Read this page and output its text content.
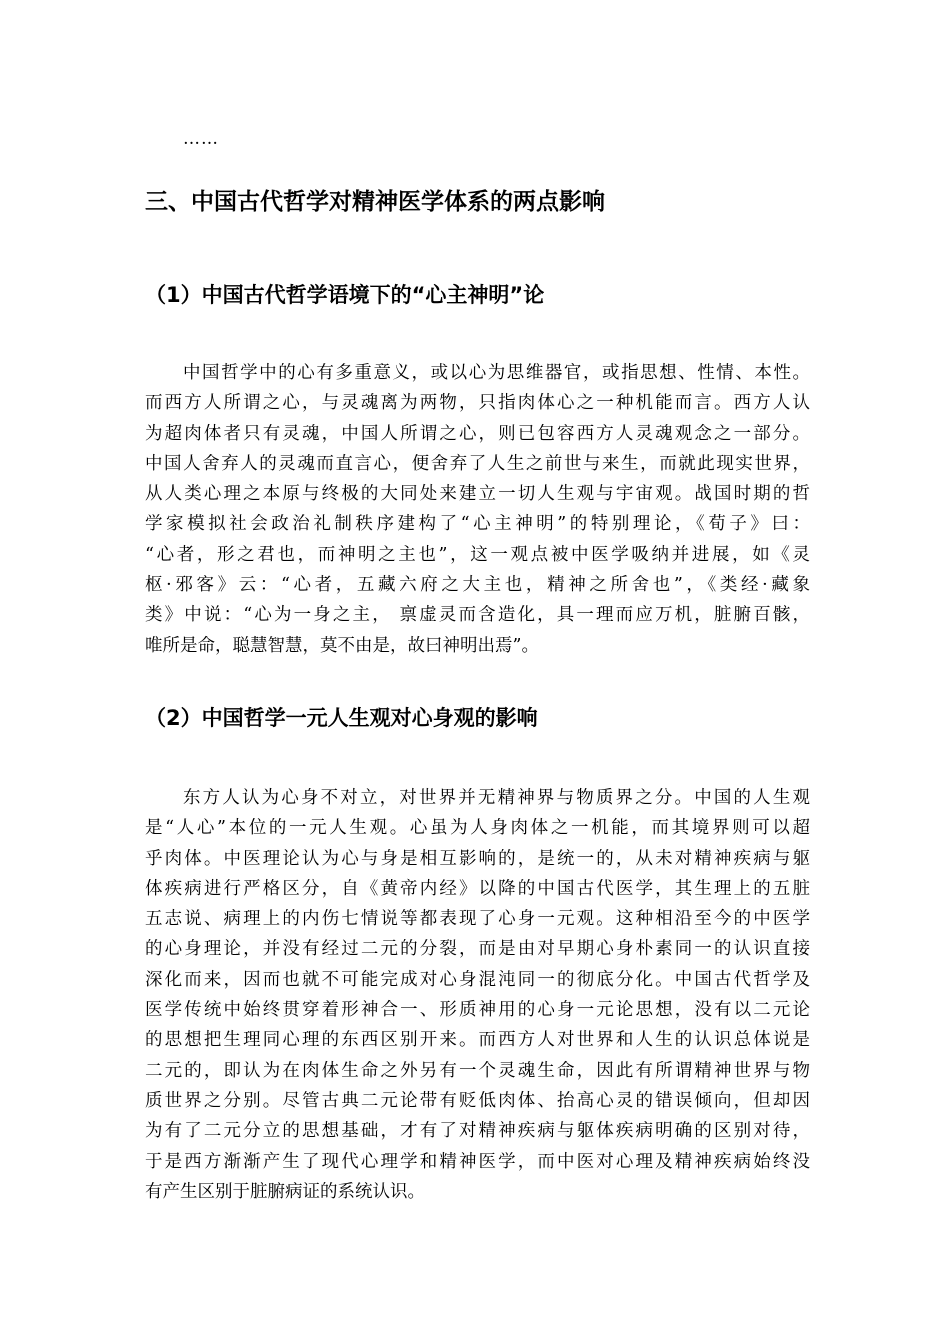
……
三、中国古代哲学对精神医学体系的两点影响
（1）中国古代哲学语境下的“心主神明”论
中国哲学中的心有多重意义，或以心为思维器官，或指思想、性情、本性。
而西方人所谓之心，与灵魂离为两物，只指肉体心之一种机能而言。西方人认
为超肉体者只有灵魂，中国人所谓之心，则已包容西方人灵魂观念之一部分。
中国人舍弃人的灵魂而直言心，便舍弃了人生之前世与来生，而就此现实世界，
从人类心理之本原与终极的大同处来建立一切人生观与宇宙观。战国时期的哲
学家模拟社会政治礼制秩序建构了“心主神明”的特别理论，《荀子》曰：
“心者，形之君也，而神明之主也”，这一观点被中医学吸纳并进展，如《灵
枢·邪客》云：“心者，五藏六府之大主也，精神之所舍也”，《类经·藏象
类》中说：“心为一身之主， 禀虚灵而含造化，具一理而应万机，脏腑百骸，
唯所是命，聪慧智慧，莫不由是，故曰神明出焉”。
（2）中国哲学一元人生观对心身观的影响
东方人认为心身不对立，对世界并无精神界与物质界之分。中国的人生观
是“人心”本位的一元人生观。心虽为人身肉体之一机能，而其境界则可以超
乎肉体。中医理论认为心与身是相互影响的，是统一的，从未对精神疾病与躯
体疾病进行严格区分，自《黄帝内经》以降的中国古代医学，其生理上的五脏
五志说、病理上的内伤七情说等都表现了心身一元观。这种相沿至今的中医学
的心身理论，并没有经过二元的分裂，而是由对早期心身朴素同一的认识直接
深化而来，因而也就不可能完成对心身混沌同一的彻底分化。中国古代哲学及
医学传统中始终贯穿着形神合一、形质神用的心身一元论思想，没有以二元论
的思想把生理同心理的东西区别开来。而西方人对世界和人生的认识总体说是
二元的，即认为在肉体生命之外另有一个灵魂生命，因此有所谓精神世界与物
质世界之分别。尽管古典二元论带有贬低肉体、抬高心灵的错误倾向，但却因
为有了二元分立的思想基础，才有了对精神疾病与躯体疾病明确的区别对待，
于是西方渐渐产生了现代心理学和精神医学，而中医对心理及精神疾病始终没
有产生区别于脏腑病证的系统认识。
